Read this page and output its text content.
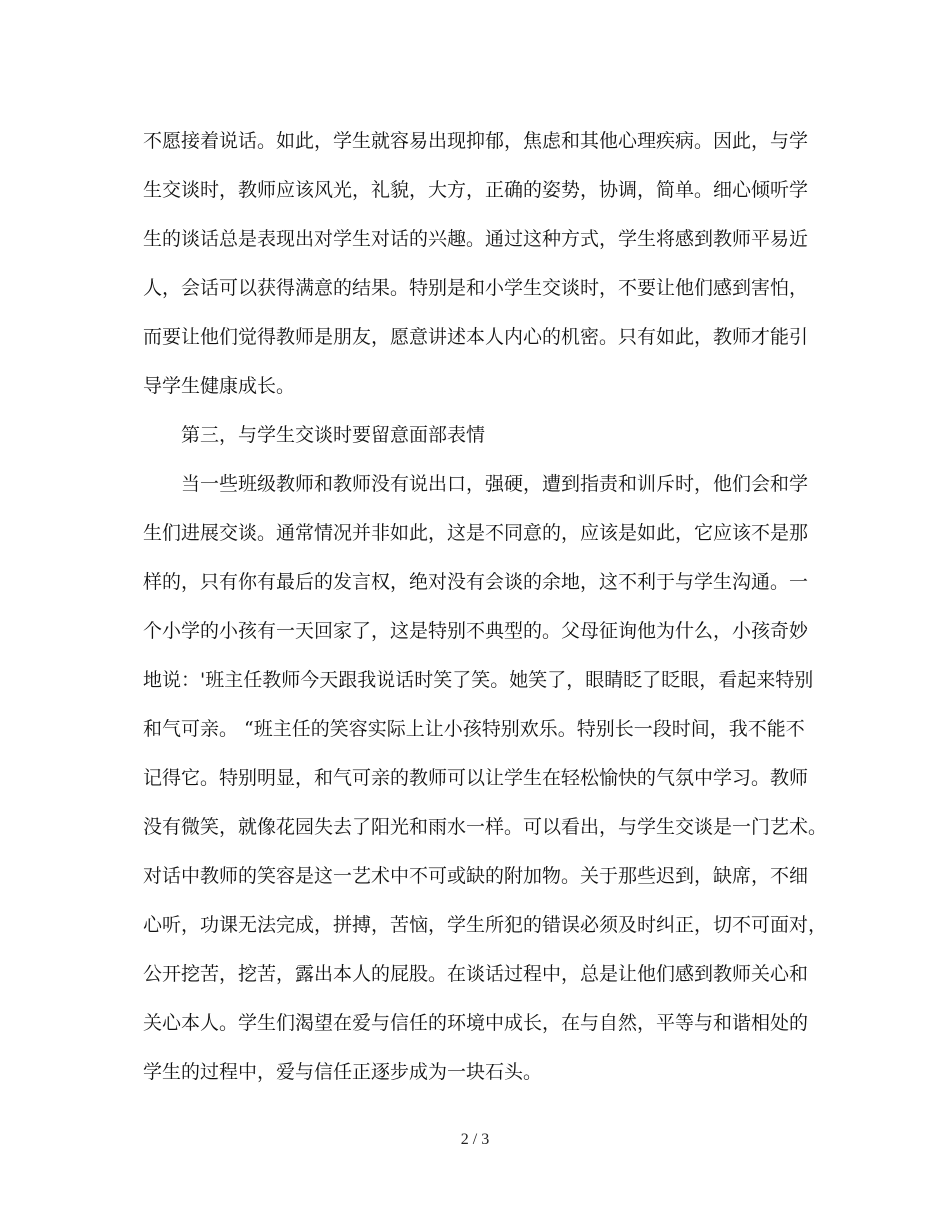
不愿接着说话。如此，学生就容易出现抑郁，焦虑和其他心理疾病。因此，与学
生交谈时，教师应该风光，礼貌，大方，正确的姿势，协调，简单。细心倾听学
生的谈话总是表现出对学生对话的兴趣。通过这种方式，学生将感到教师平易近
人，会话可以获得满意的结果。特别是和小学生交谈时，不要让他们感到害怕，
而要让他们觉得教师是朋友，愿意讲述本人内心的机密。只有如此，教师才能引
导学生健康成长。
第三，与学生交谈时要留意面部表情
当一些班级教师和教师没有说出口，强硬，遭到指责和训斥时，他们会和学
生们进展交谈。通常情况并非如此，这是不同意的，应该是如此，它应该不是那
样的，只有你有最后的发言权，绝对没有会谈的余地，这不利于与学生沟通。一
个小学的小孩有一天回家了，这是特别不典型的。父母征询他为什么，小孩奇妙
地说：'班主任教师今天跟我说话时笑了笑。她笑了，眼睛眨了眨眼，看起来特别
和气可亲。 “班主任的笑容实际上让小孩特别欢乐。特别长一段时间，我不能不
记得它。特别明显，和气可亲的教师可以让学生在轻松愉快的气氛中学习。教师
没有微笑，就像花园失去了阳光和雨水一样。可以看出，与学生交谈是一门艺术。
对话中教师的笑容是这一艺术中不可或缺的附加物。关于那些迟到，缺席，不细
心听，功课无法完成，拼搏，苦恼，学生所犯的错误必须及时纠正，切不可面对，
公开挖苦，挖苦，露出本人的屁股。在谈话过程中，总是让他们感到教师关心和
关心本人。学生们渴望在爱与信任的环境中成长，在与自然，平等与和谐相处的
学生的过程中，爱与信任正逐步成为一块石头。
2 / 3
